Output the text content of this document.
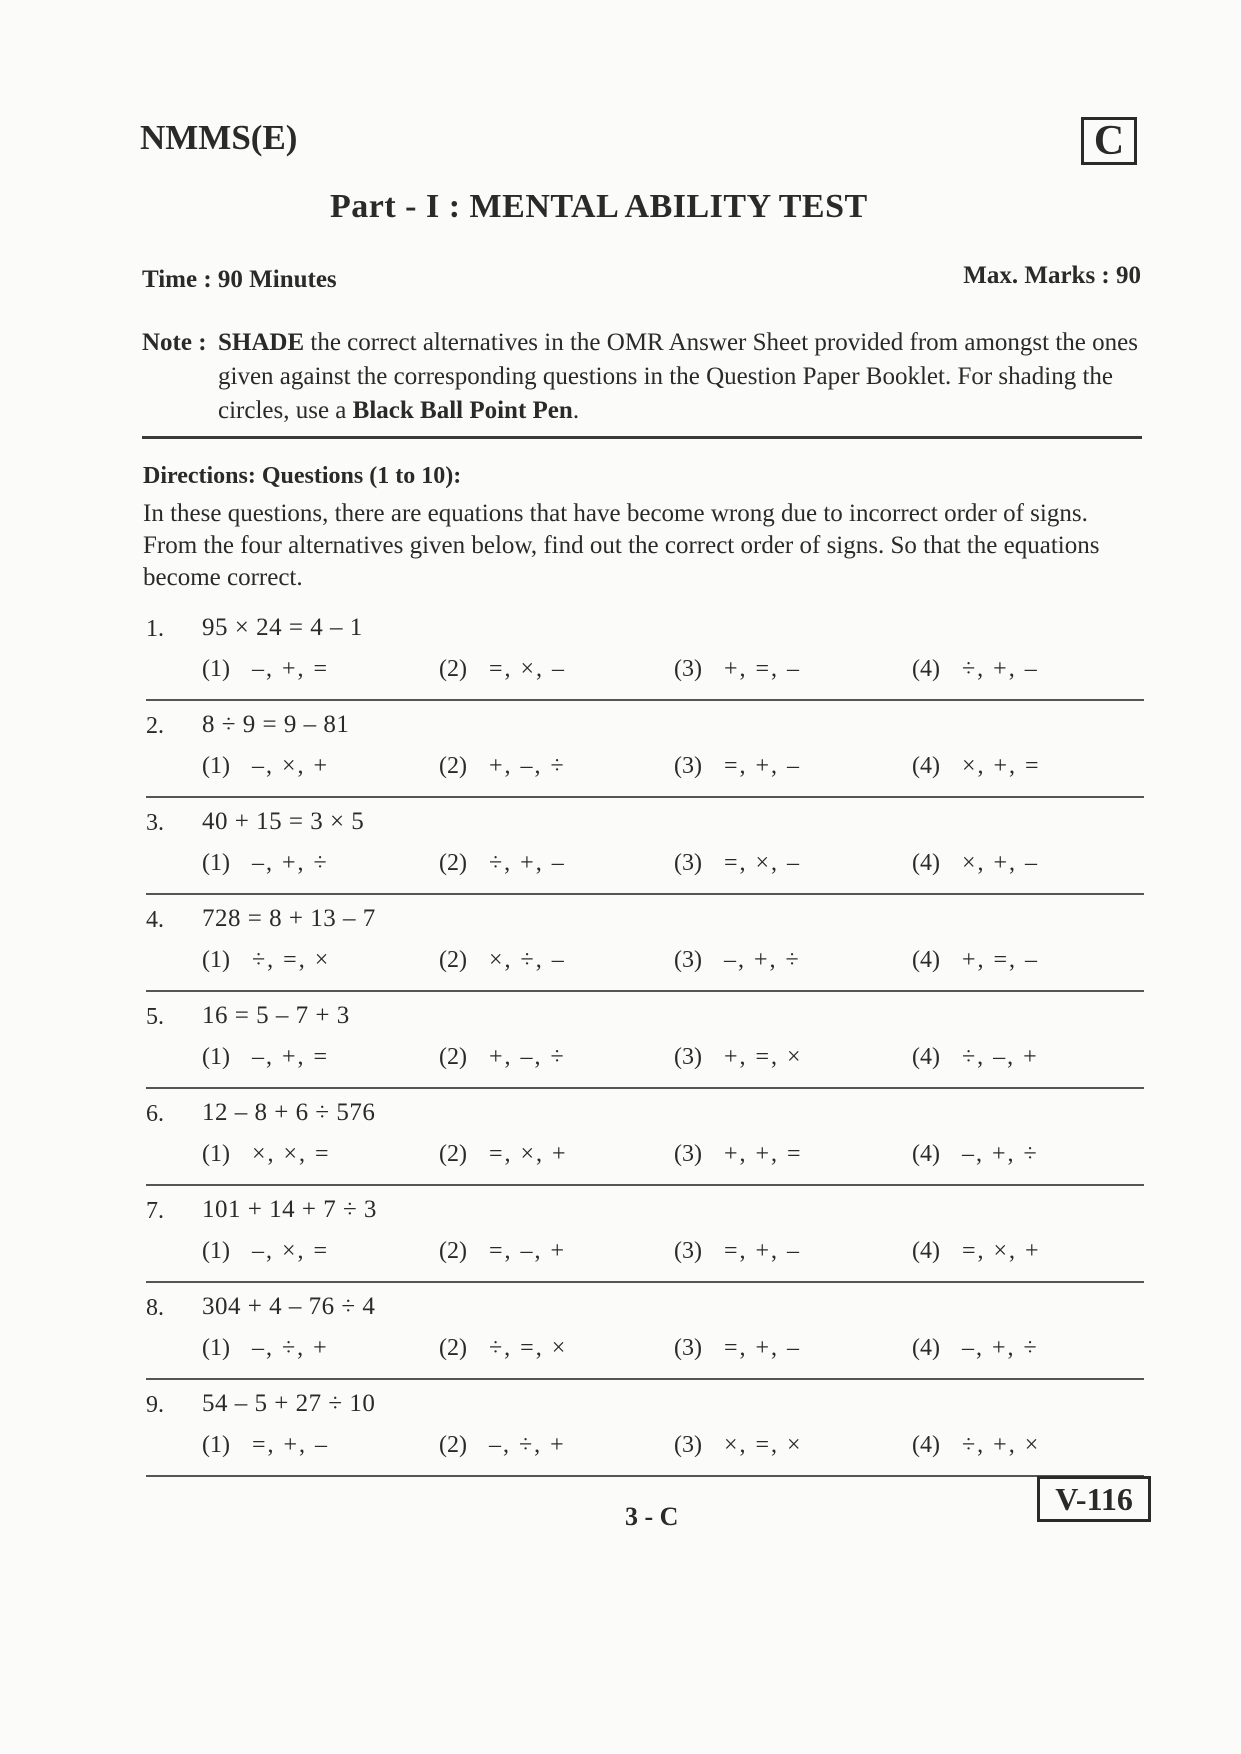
NMMS(E)	C
Part - I : MENTAL ABILITY TEST
Time : 90 Minutes	Max. Marks : 90
Note : SHADE the correct alternatives in the OMR Answer Sheet provided from amongst the ones given against the corresponding questions in the Question Paper Booklet. For shading the circles, use a Black Ball Point Pen.
Directions: Questions (1 to 10):
In these questions, there are equations that have become wrong due to incorrect order of signs. From the four alternatives given below, find out the correct order of signs. So that the equations become correct.
1. 95 × 24 = 4 – 1
(1) –, +, =	(2) =, ×, –	(3) +, =, –	(4) ÷, +, –
2. 8 ÷ 9 = 9 – 81
(1) –, ×, +	(2) +, –, ÷	(3) =, +, –	(4) ×, +, =
3. 40 + 15 = 3 × 5
(1) –, +, ÷	(2) ÷, +, –	(3) =, ×, –	(4) ×, +, –
4. 728 = 8 + 13 – 7
(1) ÷, =, ×	(2) ×, ÷, –	(3) –, +, ÷	(4) +, =, –
5. 16 = 5 – 7 + 3
(1) –, +, =	(2) +, –, ÷	(3) +, =, ×	(4) ÷, –, +
6. 12 – 8 + 6 ÷ 576
(1) ×, ×, =	(2) =, ×, +	(3) +, +, =	(4) –, +, ÷
7. 101 + 14 + 7 ÷ 3
(1) –, ×, =	(2) =, –, +	(3) =, +, –	(4) =, ×, +
8. 304 + 4 – 76 ÷ 4
(1) –, ÷, +	(2) ÷, =, ×	(3) =, +, –	(4) –, +, ÷
9. 54 – 5 + 27 ÷ 10
(1) =, +, –	(2) –, ÷, +	(3) ×, =, ×	(4) ÷, +, ×
3 - C	V-116
